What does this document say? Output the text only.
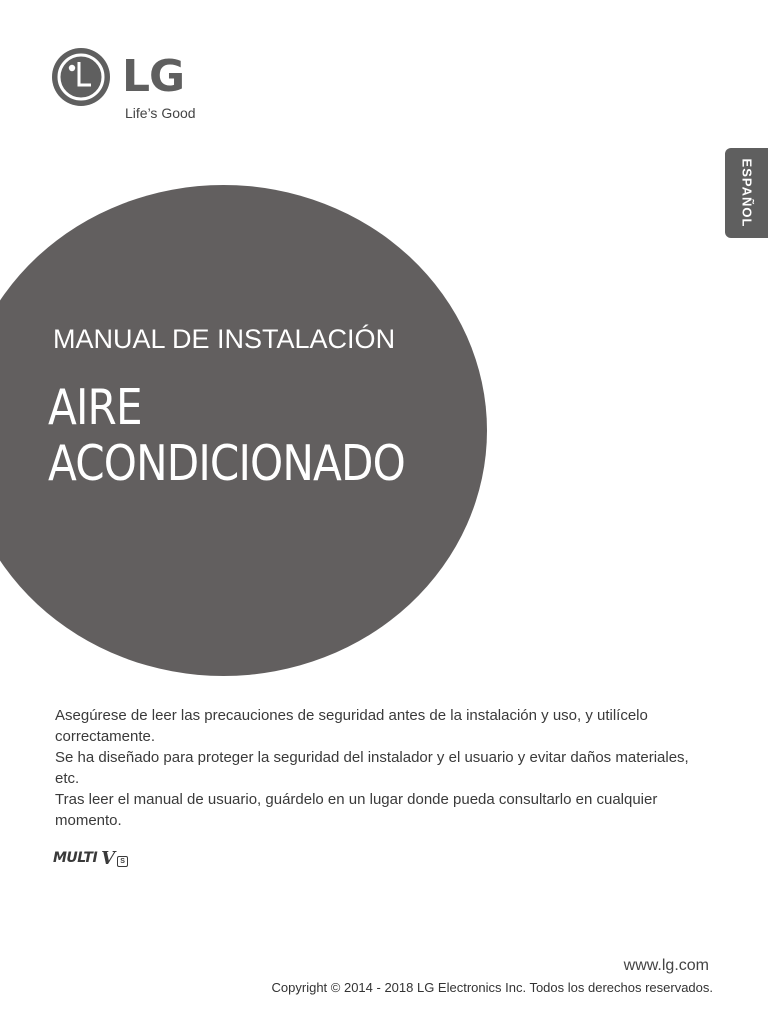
LG
Life’s Good
ESPAÑOL
MANUAL DE INSTALACIÓN
AIRE
ACONDICIONADO

Asegúrese de leer las precauciones de seguridad antes de la instalación y uso, y utilícelo correctamente.

Se ha diseñado para proteger la seguridad del instalador y el usuario y evitar daños materiales, etc.

Tras leer el manual de usuario, guárdelo en un lugar donde pueda consultarlo en cualquier momento.

MULTI V S
www.lg.com
Copyright © 2014 - 2018 LG Electronics Inc. Todos los derechos reservados.
